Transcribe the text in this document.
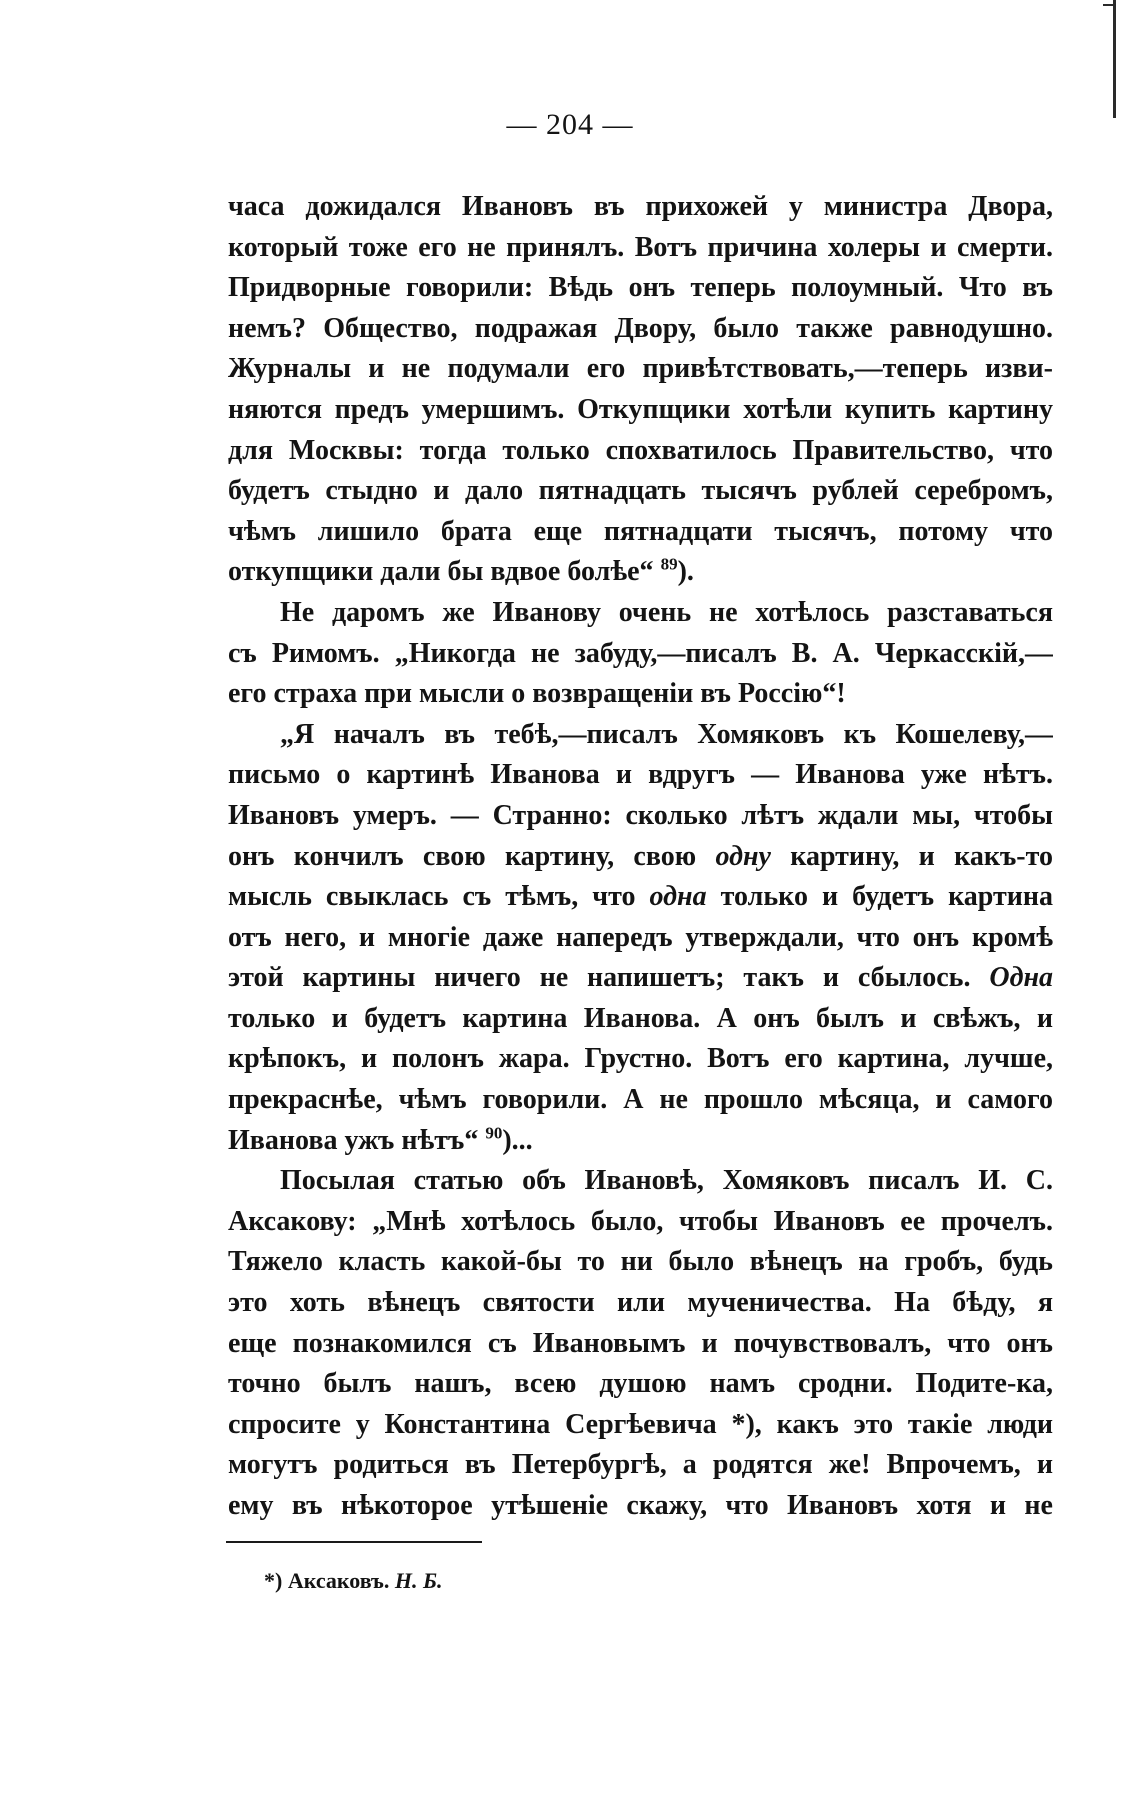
— 204 —
часа дожидался Ивановъ въ прихожей у министра Двора,
который тоже его не принялъ. Вотъ причина холеры и смерти.
Придворные говорили: Вѣдь онъ теперь полоумный. Что въ
немъ? Общество, подражая Двору, было также равнодушно.
Журналы и не подумали его привѣтствовать,—теперь изви-
няются предъ умершимъ. Откупщики хотѣли купить картину
для Москвы: тогда только спохватилось Правительство, что
будетъ стыдно и дало пятнадцать тысячъ рублей серебромъ,
чѣмъ лишило брата еще пятнадцати тысячъ, потому что
откупщики дали бы вдвое болѣе“ $^{89}$).
Не даромъ же Иванову очень не хотѣлось разставаться
съ Римомъ. „Никогда не забуду,—писалъ В. А. Черкасскій,—
его страха при мысли о возвращеніи въ Россію“!
„Я началъ въ тебѣ,—писалъ Хомяковъ къ Кошелеву,—
письмо о картинѣ Иванова и вдругъ — Иванова уже нѣтъ.
Ивановъ умеръ. — Странно: сколько лѣтъ ждали мы, чтобы
онъ кончилъ свою картину, свою одну картину, и какъ-то
мысль свыклась съ тѣмъ, что одна только и будетъ картина
отъ него, и многіе даже напередъ утверждали, что онъ кромѣ
этой картины ничего не напишетъ; такъ и сбылось. Одна
только и будетъ картина Иванова. А онъ былъ и свѣжъ, и
крѣпокъ, и полонъ жара. Грустно. Вотъ его картина, лучше,
прекраснѣе, чѣмъ говорили. А не прошло мѣсяца, и самого
Иванова ужъ нѣтъ“ $^{90}$)...
Посылая статью объ Ивановѣ, Хомяковъ писалъ И. С.
Аксакову: „Мнѣ хотѣлось было, чтобы Ивановъ ее прочелъ.
Тяжело класть какой-бы то ни было вѣнецъ на гробъ, будь
это хоть вѣнецъ святости или мученичества. На бѣду, я
еще познакомился съ Ивановымъ и почувствовалъ, что онъ
точно былъ нашъ, всею душою намъ сродни. Подите-ка,
спросите у Константина Сергѣевича *), какъ это такіе люди
могутъ родиться въ Петербургѣ, а родятся же! Впрочемъ, и
ему въ нѣкоторое утѣшеніе скажу, что Ивановъ хотя и не
*) Аксаковъ. Н. Б.
